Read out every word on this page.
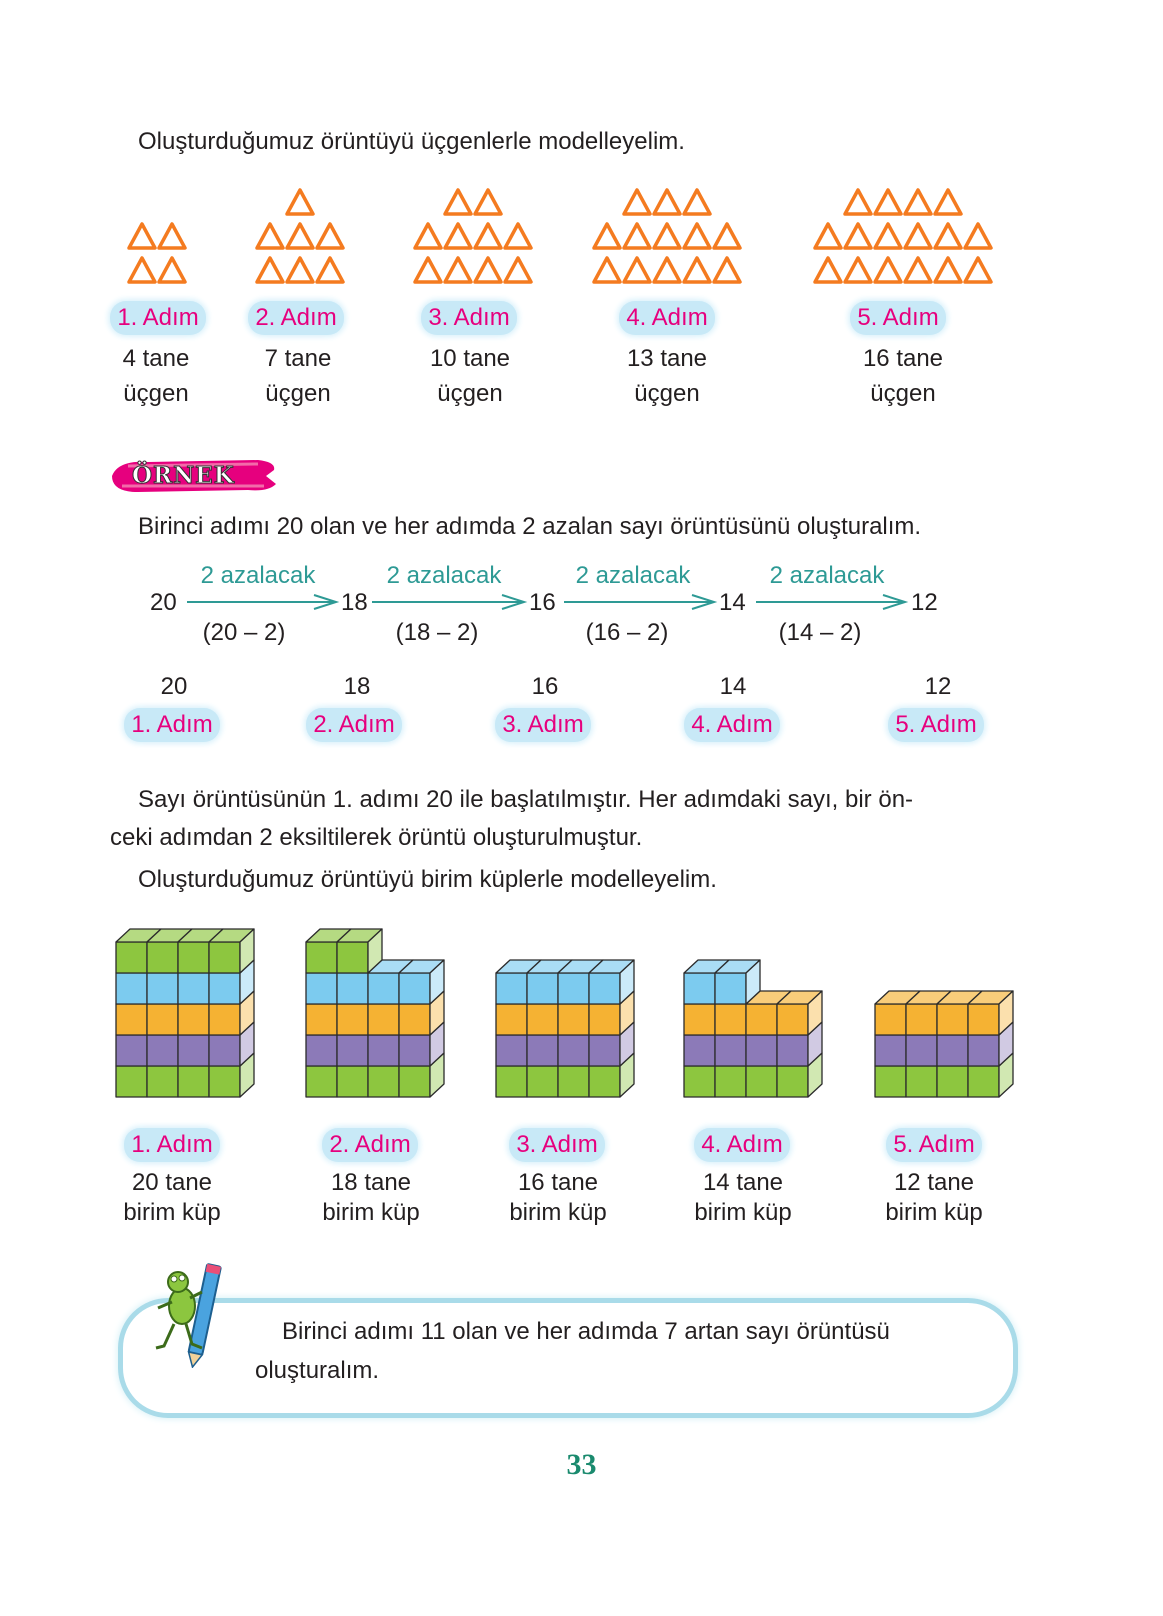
Oluşturduğumuz örüntüyü üçgenlerle modelleyelim.
1. Adım	2. Adım	3. Adım	4. Adım	5. Adım
4 tane
üçgen
7 tane
üçgen
10 tane
üçgen
13 tane
üçgen
16 tane
üçgen
ÖRNEK
Birinci adımı 20 olan ve her adımda 2 azalan sayı örüntüsünü oluşturalım.
2 azalacak	2 azalacak	2 azalacak	2 azalacak
20	18	16	14	12
(20 – 2)	(18 – 2)	(16 – 2)	(14 – 2)
20	18	16	14	12
1. Adım	2. Adım	3. Adım	4. Adım	5. Adım
Sayı örüntüsünün 1. adımı 20 ile başlatılmıştır. Her adımdaki sayı, bir ön-
ceki adımdan 2 eksiltilerek örüntü oluşturulmuştur.
Oluşturduğumuz örüntüyü birim küplerle modelleyelim.
1. Adım	2. Adım	3. Adım	4. Adım	5. Adım
20 tane
birim küp
18 tane
birim küp
16 tane
birim küp
14 tane
birim küp
12 tane
birim küp
Birinci adımı 11 olan ve her adımda 7 artan sayı örüntüsü
oluşturalım.
33
